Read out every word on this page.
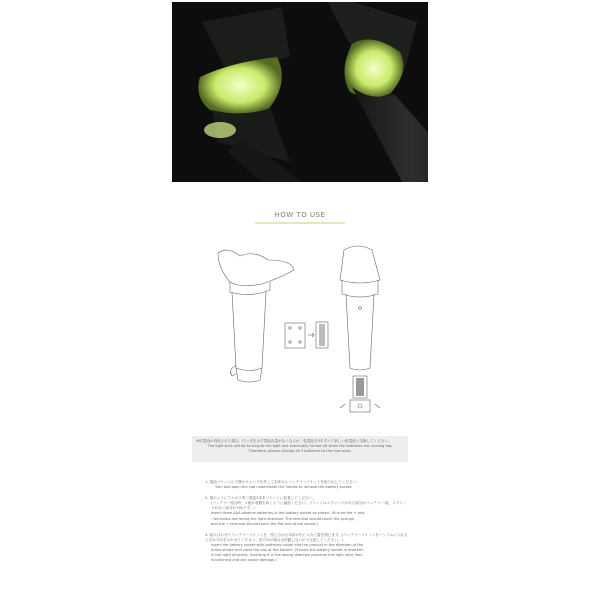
HOW TO USE

※乾電池が消耗された場合、白い光を出す電池容量がなくなるが、乾電池を3本すべて新しい乾電池と交換してください。

The light stick will be turning to red light and eventually turned off when the batteries are running low.

Therefore, please change all 3 batteries to the new ones.

1. 電池ソケットの下側のキャップを外して本体からバッテリーソケットを取り出してください。

Turn and open the cap underneath the handle to remove the battery socket.

2. 図のようにアルカリ単三電池3本をソケットに装着してください。

(バッテリー組合時、+極が表側を向くように確認ください。ソケットはスプリングがある部分がバッテリー-極、スプリングがない部分が+極です。)

Insert three AAA alkaline batteries in the battery socket as shown. (Ensure the + and

- terminals are facing the right direction. The terminal should touch the springs,

and the + terminal should touch the flat end of the socket.)

3. 組み合わせたバッテリーソケットを、図と合わせ本体の中に入れて蓋を閉じます。(バッテリーソケットをハンドルに入れるときは方向を合わせてください。逆方向の場合は作動しないので注意してください。)

Insert the battery socket with batteries inside into the product in the direction of the

arrow shown and close the cap at the bottom. (Ensure the battery socket is inserted

in the right direction. Inserting it in the wrong direction prevents this light stick from

functioning and can cause damage.)
